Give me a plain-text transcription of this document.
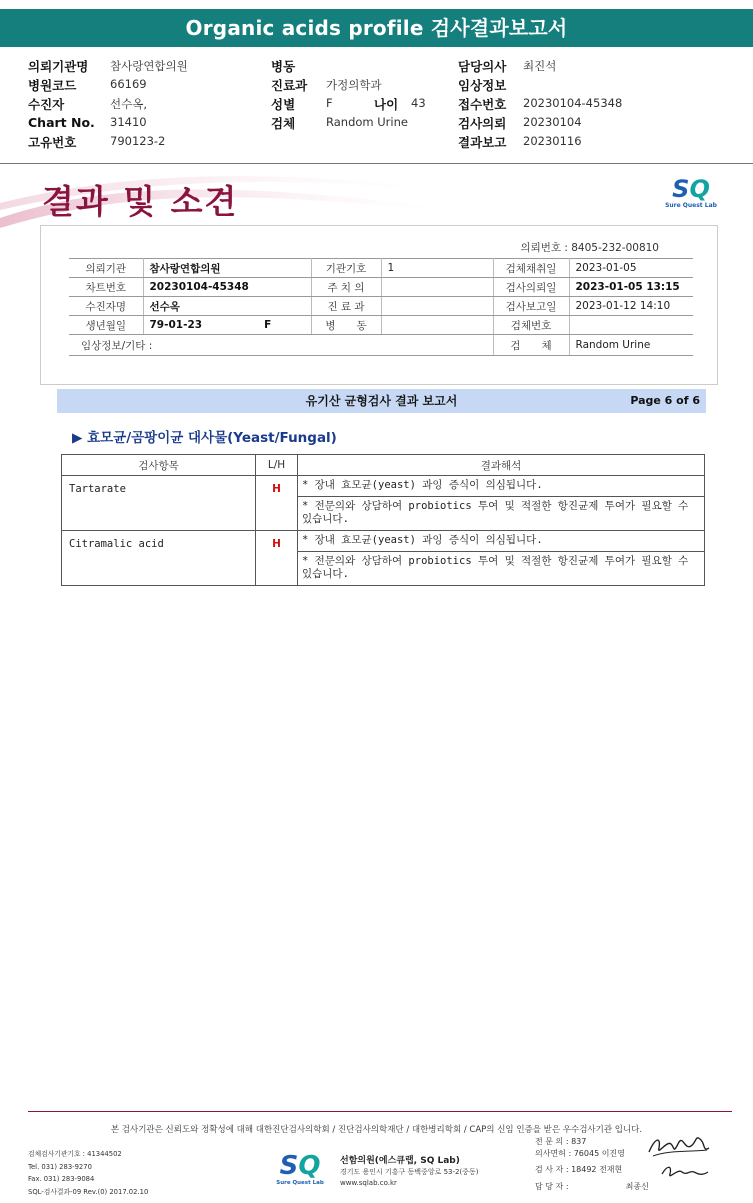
Organic acids profile 검사결과보고서
의뢰기관명 참사랑연합의원
병원코드	66169
수진자	선수옥,
Chart No. 31410
고유번호	790123-2
병동
진료과 가정의학과
성별	F	나이 43
검체	Random Urine
담당의사 최진석
임상정보
접수번호 20230104-45348
검사의뢰 20230104
결과보고 20230116
결과 및 소견	SQ
Sure Quest Lab
의뢰번호 : 8405-232-00810
의뢰기관	참사랑연합의원	기관기호	1	검체채취일	2023-01-05
차트번호	20230104-45348	주 치 의		검사의뢰일	2023-01-05 13:15
수진자명	선수옥	진 료 과		검사보고일	2023-01-12 14:10
생년월일	79-01-23 F	병　　동		검체번호	
임상정보/기타 :				검　　체	Random Urine
유기산 균형검사 결과 보고서	Page 6 of 6
▶ 효모균/곰팡이균 대사물(Yeast/Fungal)
검사항목	L/H	결과해석
Tartarate	H	* 장내 효모균(yeast) 과잉 증식이 의심됩니다.
* 전문의와 상담하여 probiotics 투여 및 적절한 항진균제 투여가 필요할 수 있습니다.

Citramalic acid	H	* 장내 효모균(yeast) 과잉 증식이 의심됩니다.
* 전문의와 상담하여 probiotics 투여 및 적절한 항진균제 투여가 필요할 수 있습니다.
본 검사기관은 신뢰도와 정확성에 대해 대한진단검사의학회 / 진단검사의학재단 / 대한병리학회 / CAP의 신임 인증을 받은 우수검사기관 입니다.
검체검사기관기호 : 41344502
Tel. 031) 283-9270
Fax. 031) 283-9084
SQL-검사결과-09 Rev.(0) 2017.02.10
SQ
Sure Quest Lab
선함의원(에스큐랩, SQ Lab)
경기도 용인시 기흥구 동백중앙로 53-2(중동)
www.sqlab.co.kr
전 문 의 : 837
의사면허 : 76045 이진영
검 사 자 : 18492 전재현
담 당 자 :	최종신
